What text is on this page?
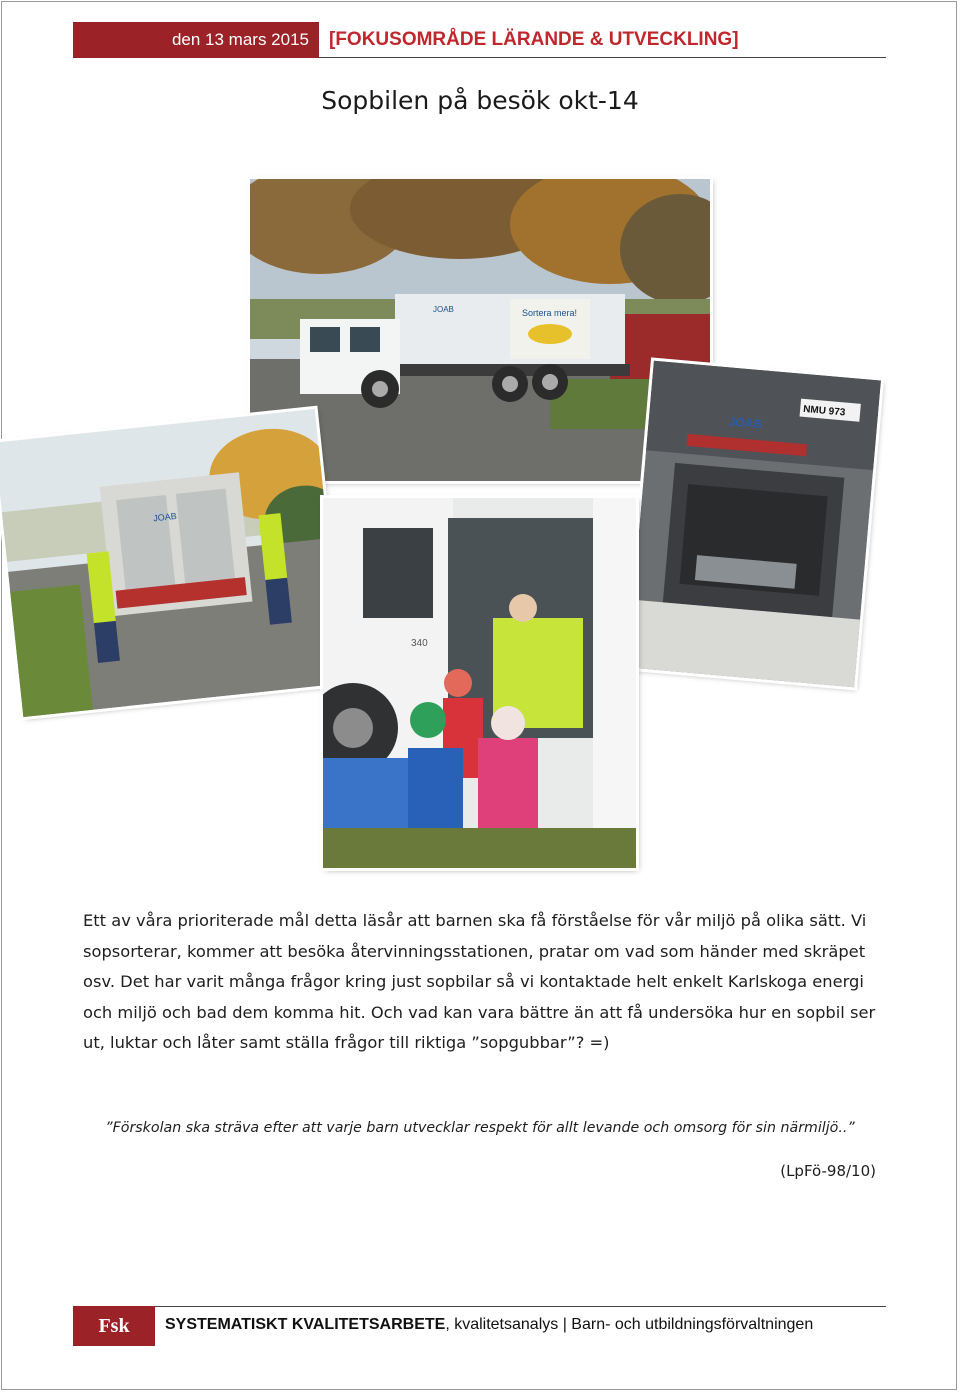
den 13 mars 2015	[FOKUSOMRÅDE LÄRANDE & UTVECKLING]
Sopbilen på besök okt-14
Sortera mera!
JOAB
JOAB
NMU 973
JOAB
340
Ett av våra prioriterade mål detta läsår att barnen ska få förståelse för vår miljö på olika sätt. Vi sopsorterar, kommer att besöka återvinningsstationen, pratar om vad som händer med skräpet osv. Det har varit många frågor kring just sopbilar så vi kontaktade helt enkelt Karlskoga energi och miljö och bad dem komma hit. Och vad kan vara bättre än att få undersöka hur en sopbil ser ut, luktar och låter samt ställa frågor till riktiga ”sopgubbar”? =)
”Förskolan ska sträva efter att varje barn utvecklar respekt för allt levande och omsorg för sin närmiljö..”
(LpFö-98/10)
Fsk	SYSTEMATISKT KVALITETSARBETE, kvalitetsanalys | Barn- och utbildningsförvaltningen
